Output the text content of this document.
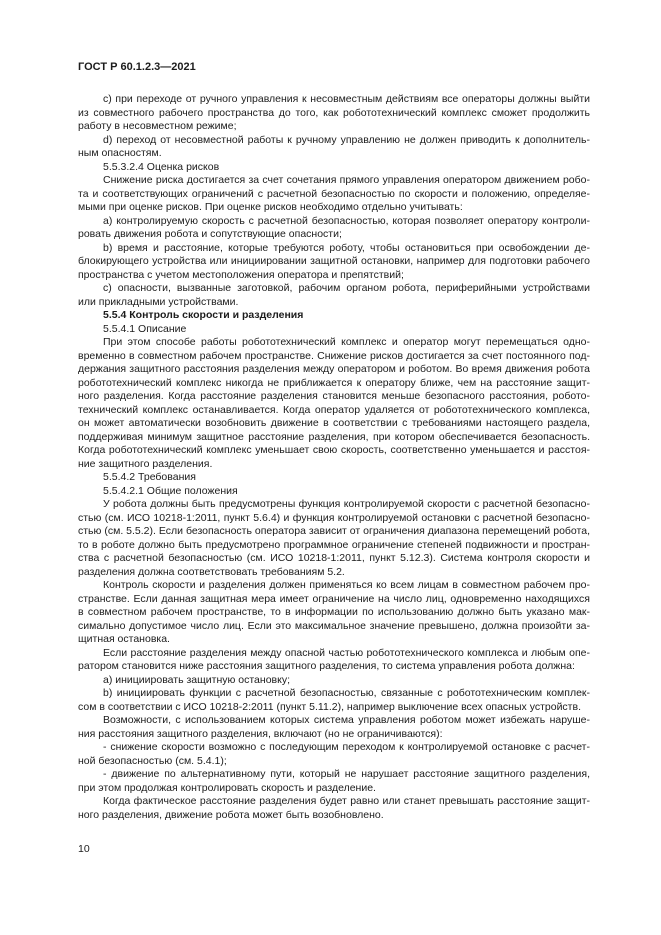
ГОСТ Р 60.1.2.3—2021
c) при переходе от ручного управления к несовместным действиям все операторы должны выйти
из совместного рабочего пространства до того, как робототехнический комплекс сможет продолжить
работу в несовместном режиме;
d) переход от несовместной работы к ручному управлению не должен приводить к дополнитель-
ным опасностям.
5.5.3.2.4 Оценка рисков
Снижение риска достигается за счет сочетания прямого управления оператором движением робо-
та и соответствующих ограничений с расчетной безопасностью по скорости и положению, определяе-
мыми при оценке рисков. При оценке рисков необходимо отдельно учитывать:
a) контролируемую скорость с расчетной безопасностью, которая позволяет оператору контроли-
ровать движения робота и сопутствующие опасности;
b) время и расстояние, которые требуются роботу, чтобы остановиться при освобождении де-
блокирующего устройства или инициировании защитной остановки, например для подготовки рабочего
пространства с учетом местоположения оператора и препятствий;
c) опасности, вызванные заготовкой, рабочим органом робота, периферийными устройствами
или прикладными устройствами.
5.5.4 Контроль скорости и разделения
5.5.4.1 Описание
При этом способе работы робототехнический комплекс и оператор могут перемещаться одно-
временно в совместном рабочем пространстве. Снижение рисков достигается за счет постоянного под-
держания защитного расстояния разделения между оператором и роботом. Во время движения робота
робототехнический комплекс никогда не приближается к оператору ближе, чем на расстояние защит-
ного разделения. Когда расстояние разделения становится меньше безопасного расстояния, робото-
технический комплекс останавливается. Когда оператор удаляется от робототехнического комплекса,
он может автоматически возобновить движение в соответствии с требованиями настоящего раздела,
поддерживая минимум защитное расстояние разделения, при котором обеспечивается безопасность.
Когда робототехнический комплекс уменьшает свою скорость, соответственно уменьшается и расстоя-
ние защитного разделения.
5.5.4.2 Требования
5.5.4.2.1 Общие положения
У робота должны быть предусмотрены функция контролируемой скорости с расчетной безопасно-
стью (см. ИСО 10218-1:2011, пункт 5.6.4) и функция контролируемой остановки с расчетной безопасно-
стью (см. 5.5.2). Если безопасность оператора зависит от ограничения диапазона перемещений робота,
то в роботе должно быть предусмотрено программное ограничение степеней подвижности и простран-
ства с расчетной безопасностью (см. ИСО 10218-1:2011, пункт 5.12.3). Система контроля скорости и
разделения должна соответствовать требованиям 5.2.
Контроль скорости и разделения должен применяться ко всем лицам в совместном рабочем про-
странстве. Если данная защитная мера имеет ограничение на число лиц, одновременно находящихся
в совместном рабочем пространстве, то в информации по использованию должно быть указано мак-
симально допустимое число лиц. Если это максимальное значение превышено, должна произойти за-
щитная остановка.
Если расстояние разделения между опасной частью робототехнического комплекса и любым опе-
ратором становится ниже расстояния защитного разделения, то система управления робота должна:
a) инициировать защитную остановку;
b) инициировать функции с расчетной безопасностью, связанные с робототехническим комплек-
сом в соответствии с ИСО 10218-2:2011 (пункт 5.11.2), например выключение всех опасных устройств.
Возможности, с использованием которых система управления роботом может избежать наруше-
ния расстояния защитного разделения, включают (но не ограничиваются):
- снижение скорости возможно с последующим переходом к контролируемой остановке с расчет-
ной безопасностью (см. 5.4.1);
- движение по альтернативному пути, который не нарушает расстояние защитного разделения,
при этом продолжая контролировать скорость и разделение.
Когда фактическое расстояние разделения будет равно или станет превышать расстояние защит-
ного разделения, движение робота может быть возобновлено.
10
